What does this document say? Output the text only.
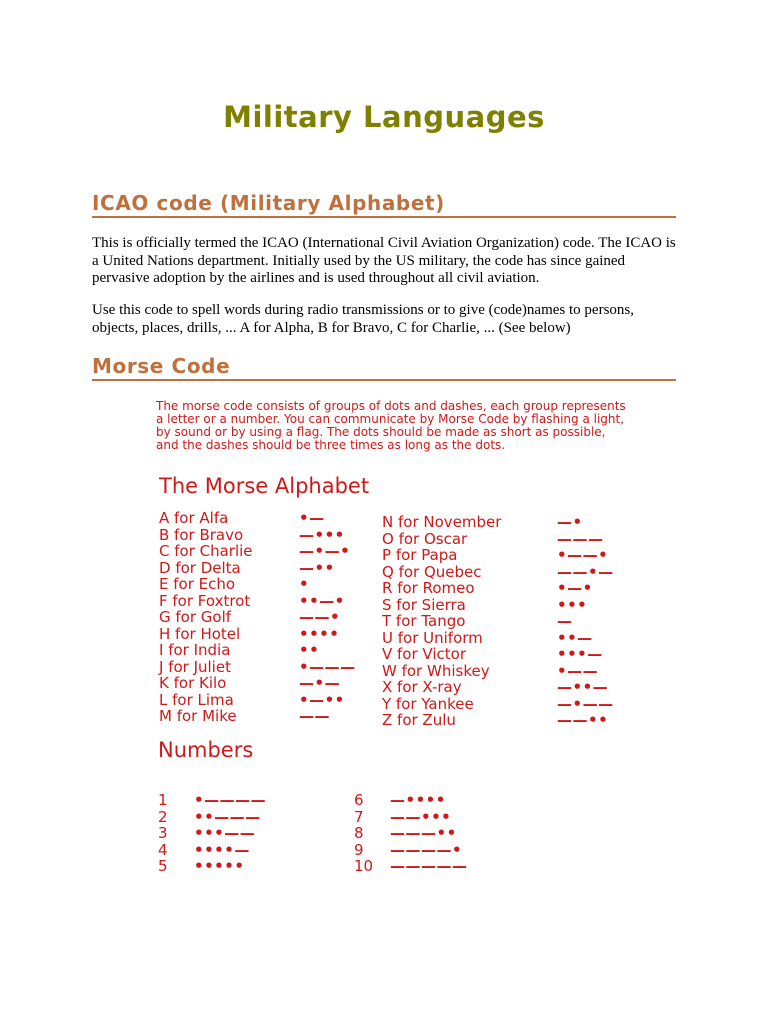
Military Languages
ICAO code (Military Alphabet)

This is officially termed the ICAO (International Civil Aviation Organization) code. The ICAO is a United Nations department. Initially used by the US military, the code has since gained pervasive adoption by the airlines and is used throughout all civil aviation.

Use this code to spell words during radio transmissions or to give (code)names to persons, objects, places, drills, ... A for Alpha, B for Bravo, C for Charlie, ... (See below)

Morse Code

The morse code consists of groups of dots and dashes, each group represents a letter or a number. You can communicate by Morse Code by flashing a light, by sound or by using a flag. The dots should be made as short as possible, and the dashes should be three times as long as the dots.

The Morse Alphabet
A for Alfa	•—
B for Bravo	—•••
C for Charlie	—•—•
D for Delta	—••
E for Echo	•
F for Foxtrot	••—•
G for Golf	——•
H for Hotel	••••
I for India	••
J for Juliet	•———
K for Kilo	—•—
L for Lima	•—••
M for Mike	——
N for November	—•
O for Oscar	———
P for Papa	•——•
Q for Quebec	——•—
R for Romeo	•—•
S for Sierra	•••
T for Tango	—
U for Uniform	••—
V for Victor	•••—
W for Whiskey	•——
X for X-ray	—••—
Y for Yankee	—•——
Z for Zulu	——••
Numbers
1 •————
2 ••———
3 •••——
4 ••••—
5 •••••
6 —••••
7 ——•••
8 ———••
9 ————•
10 —————
